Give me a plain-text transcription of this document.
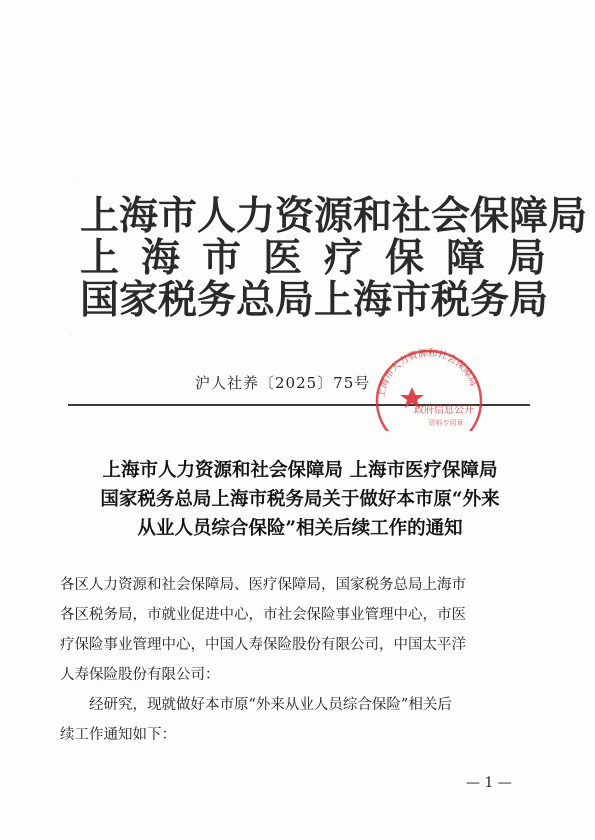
·
·
上海市人力资源和社会保障局
上海市医疗保障局
国家税务总局上海市税务局
沪人社养〔2025〕75号
上海市人力资源和社会保障局
政府信息公开
资料专用章
上海市人力资源和社会保障局 上海市医疗保障局
国家税务总局上海市税务局关于做好本市原“外来
从业人员综合保险”相关后续工作的通知
各区人力资源和社会保障局、医疗保障局，国家税务总局上海市
各区税务局，市就业促进中心，市社会保险事业管理中心，市医
疗保险事业管理中心，中国人寿保险股份有限公司，中国太平洋
人寿保险股份有限公司：
经研究，现就做好本市原“外来从业人员综合保险”相关后
续工作通知如下：
— 1 —
